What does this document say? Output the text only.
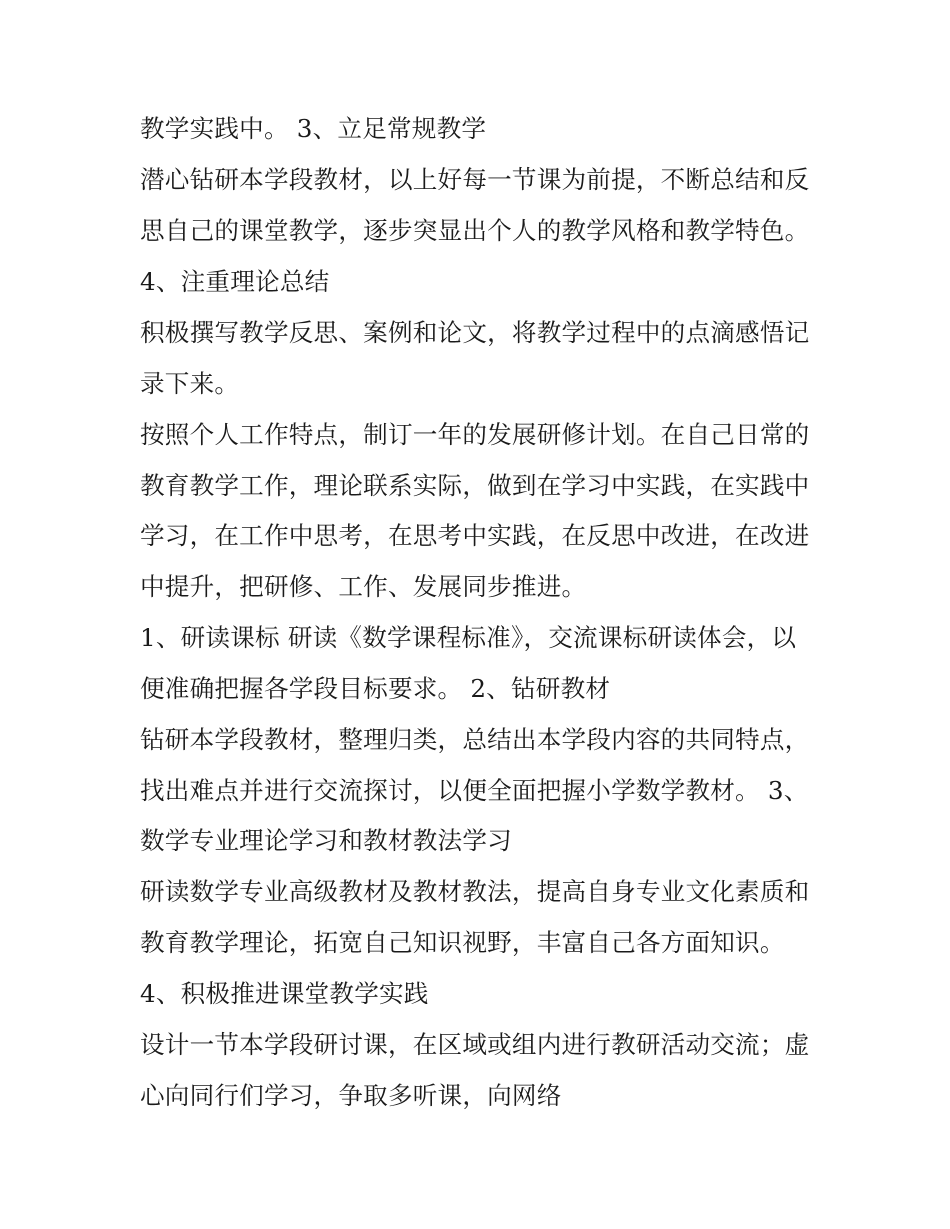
教学实践中。 3、立足常规教学

潜心钻研本学段教材，以上好每一节课为前提，不断总结和反

思自己的课堂教学，逐步突显出个人的教学风格和教学特色。

4、注重理论总结

积极撰写教学反思、案例和论文，将教学过程中的点滴感悟记

录下来。

按照个人工作特点，制订一年的发展研修计划。在自己日常的

教育教学工作，理论联系实际，做到在学习中实践，在实践中

学习，在工作中思考，在思考中实践，在反思中改进，在改进

中提升，把研修、工作、发展同步推进。

1、研读课标 研读《数学课程标准》，交流课标研读体会，以

便准确把握各学段目标要求。 2、钻研教材

钻研本学段教材，整理归类，总结出本学段内容的共同特点，

找出难点并进行交流探讨，以便全面把握小学数学教材。 3、

数学专业理论学习和教材教法学习

研读数学专业高级教材及教材教法，提高自身专业文化素质和

教育教学理论，拓宽自己知识视野，丰富自己各方面知识。

4、积极推进课堂教学实践

设计一节本学段研讨课，在区域或组内进行教研活动交流；虚

心向同行们学习，争取多听课，向网络
